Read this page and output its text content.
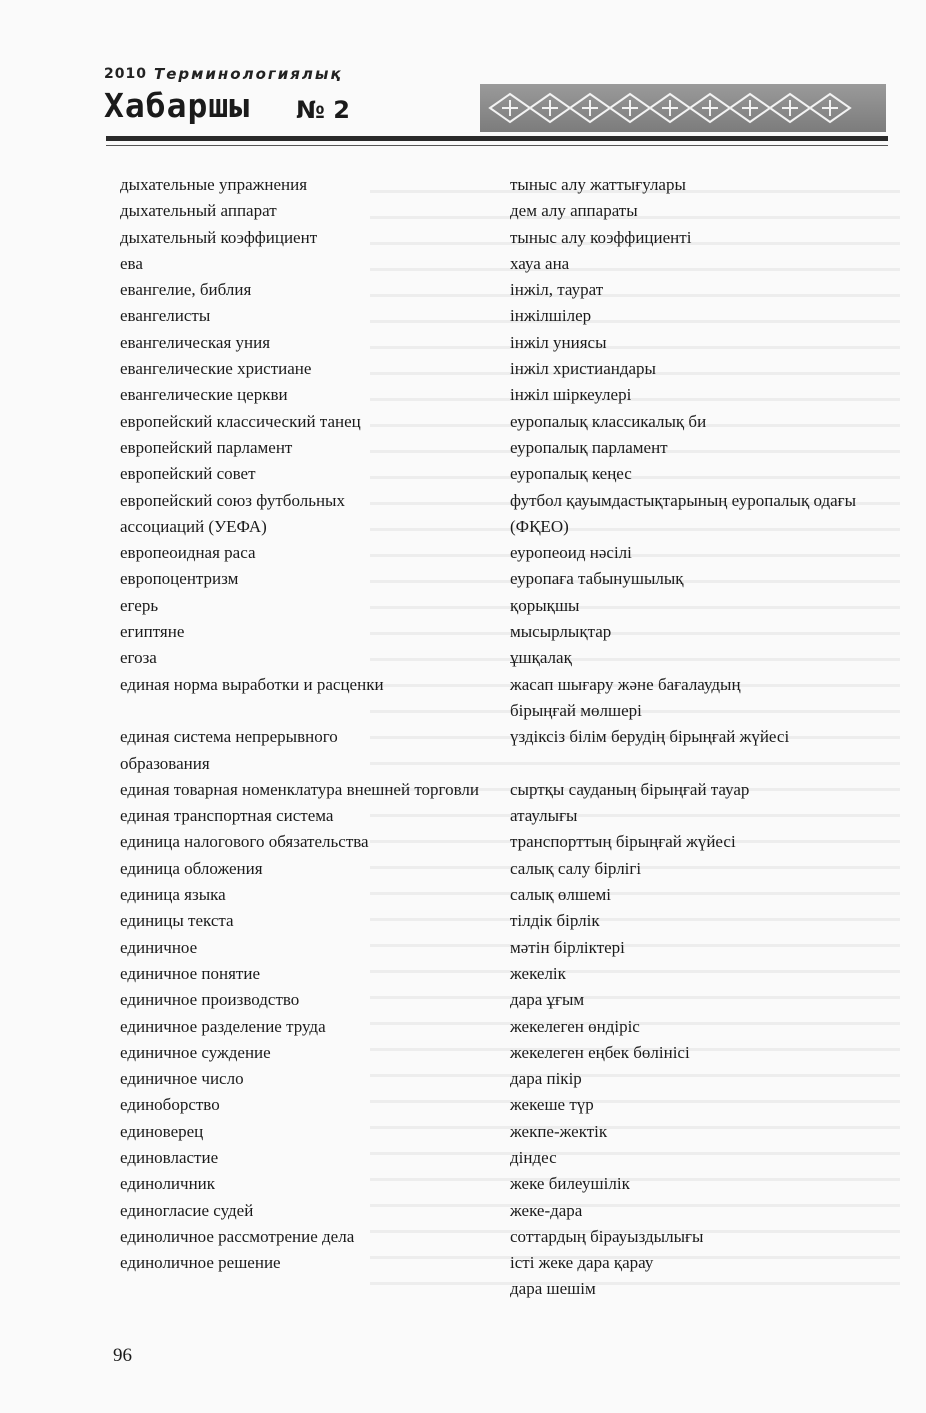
2010 Терминологиялық
Хабаршы № 2
дыхательные упражнения
дыхательный аппарат
дыхательный коэффициент
ева
евангелие, библия
евангелисты
евангелическая уния
евангелические христиане
евангелические церкви
европейский классический танец
европейский парламент
европейский совет
европейский союз футбольных ассоциаций (УЕФА)
европеоидная раса
европоцентризм
егерь
египтяне
егоза
единая норма выработки и расценки
единая система непрерывного образования
единая товарная номенклатура внешней торговли
единая транспортная система
единица налогового обязательства
единица обложения
единица языка
единицы текста
единичное
единичное понятие
единичное производство
единичное разделение труда
единичное суждение
единичное число
единоборство
единоверец
единовластие
единоличник
единогласие судей
единоличное рассмотрение дела
единоличное решение
тыныс алу жаттығулары
дем алу аппараты
тыныс алу коэффициенті
хауа ана
інжіл, таурат
інжілшілер
інжіл униясы
інжіл христиандары
інжіл шіркеулері
еуропалық классикалық би
еуропалық парламент
еуропалық кеңес
футбол қауымдастықтарының еуропалық одағы (ФҚЕО)
еуропеоид нәсілі
еуропаға табынушылық
қорықшы
мысырлықтар
ұшқалақ
жасап шығару және бағалаудың бірыңғай мөлшері
үздіксіз білім берудің бірыңғай жүйесі
сыртқы сауданың бірыңғай тауар атаулығы
транспорттың бірыңғай жүйесі
салық салу бірлігі
салық өлшемі
тілдік бірлік
мәтін бірліктері
жекелік
дара ұғым
жекелеген өндіріс
жекелеген еңбек бөлінісі
дара пікір
жекеше түр
жекпе-жектік
діндес
жеке билеушілік
жеке-дара
соттардың бірауыздылығы
істі жеке дара қарау
дара шешім
96
